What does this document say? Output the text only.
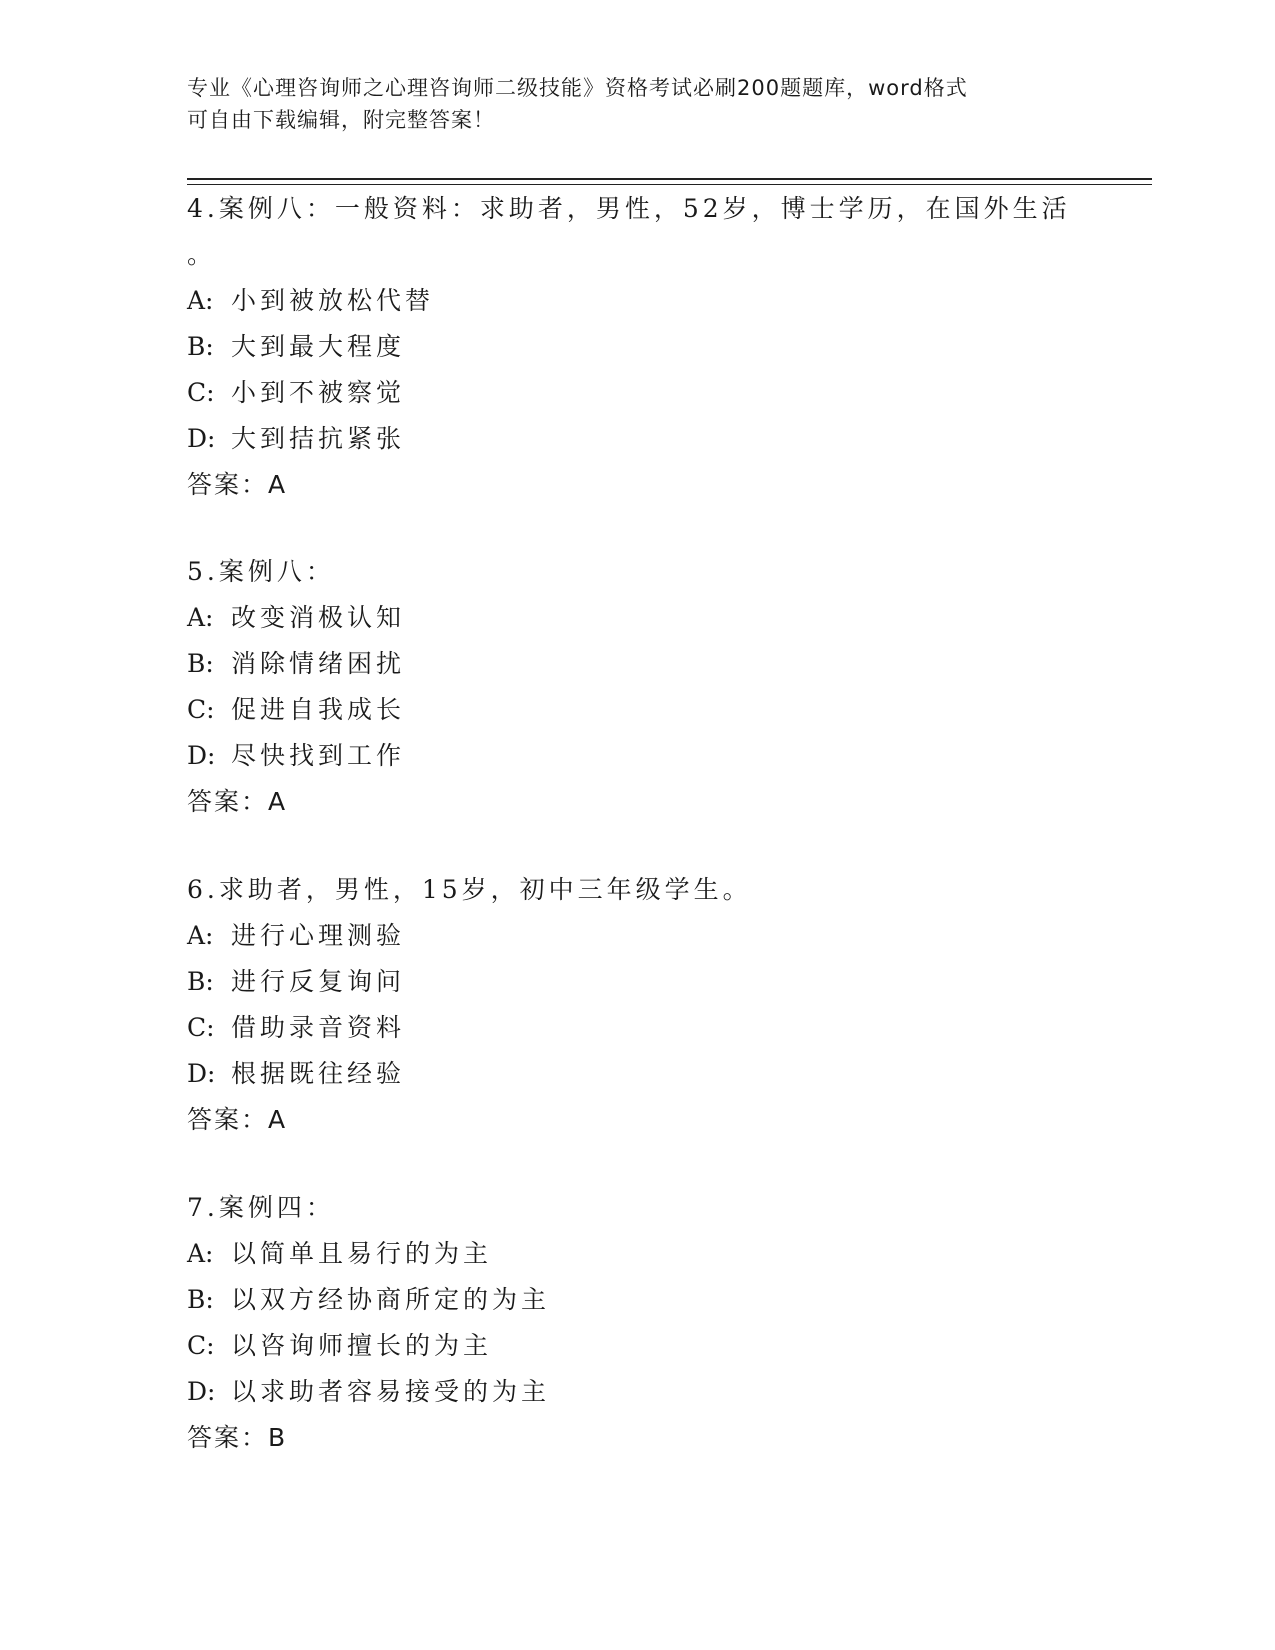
专业《心理咨询师之心理咨询师二级技能》资格考试必刷200题题库，word格式
可自由下载编辑，附完整答案！
4.案例八：一般资料：求助者，男性，52岁，博士学历，在国外生活
。
A: 小到被放松代替
B: 大到最大程度
C: 小到不被察觉
D: 大到拮抗紧张
答案：A
5.案例八：
A: 改变消极认知
B: 消除情绪困扰
C: 促进自我成长
D: 尽快找到工作
答案：A
6.求助者，男性，15岁，初中三年级学生。
A: 进行心理测验
B: 进行反复询问
C: 借助录音资料
D: 根据既往经验
答案：A
7.案例四：
A: 以简单且易行的为主
B: 以双方经协商所定的为主
C: 以咨询师擅长的为主
D: 以求助者容易接受的为主
答案：B
